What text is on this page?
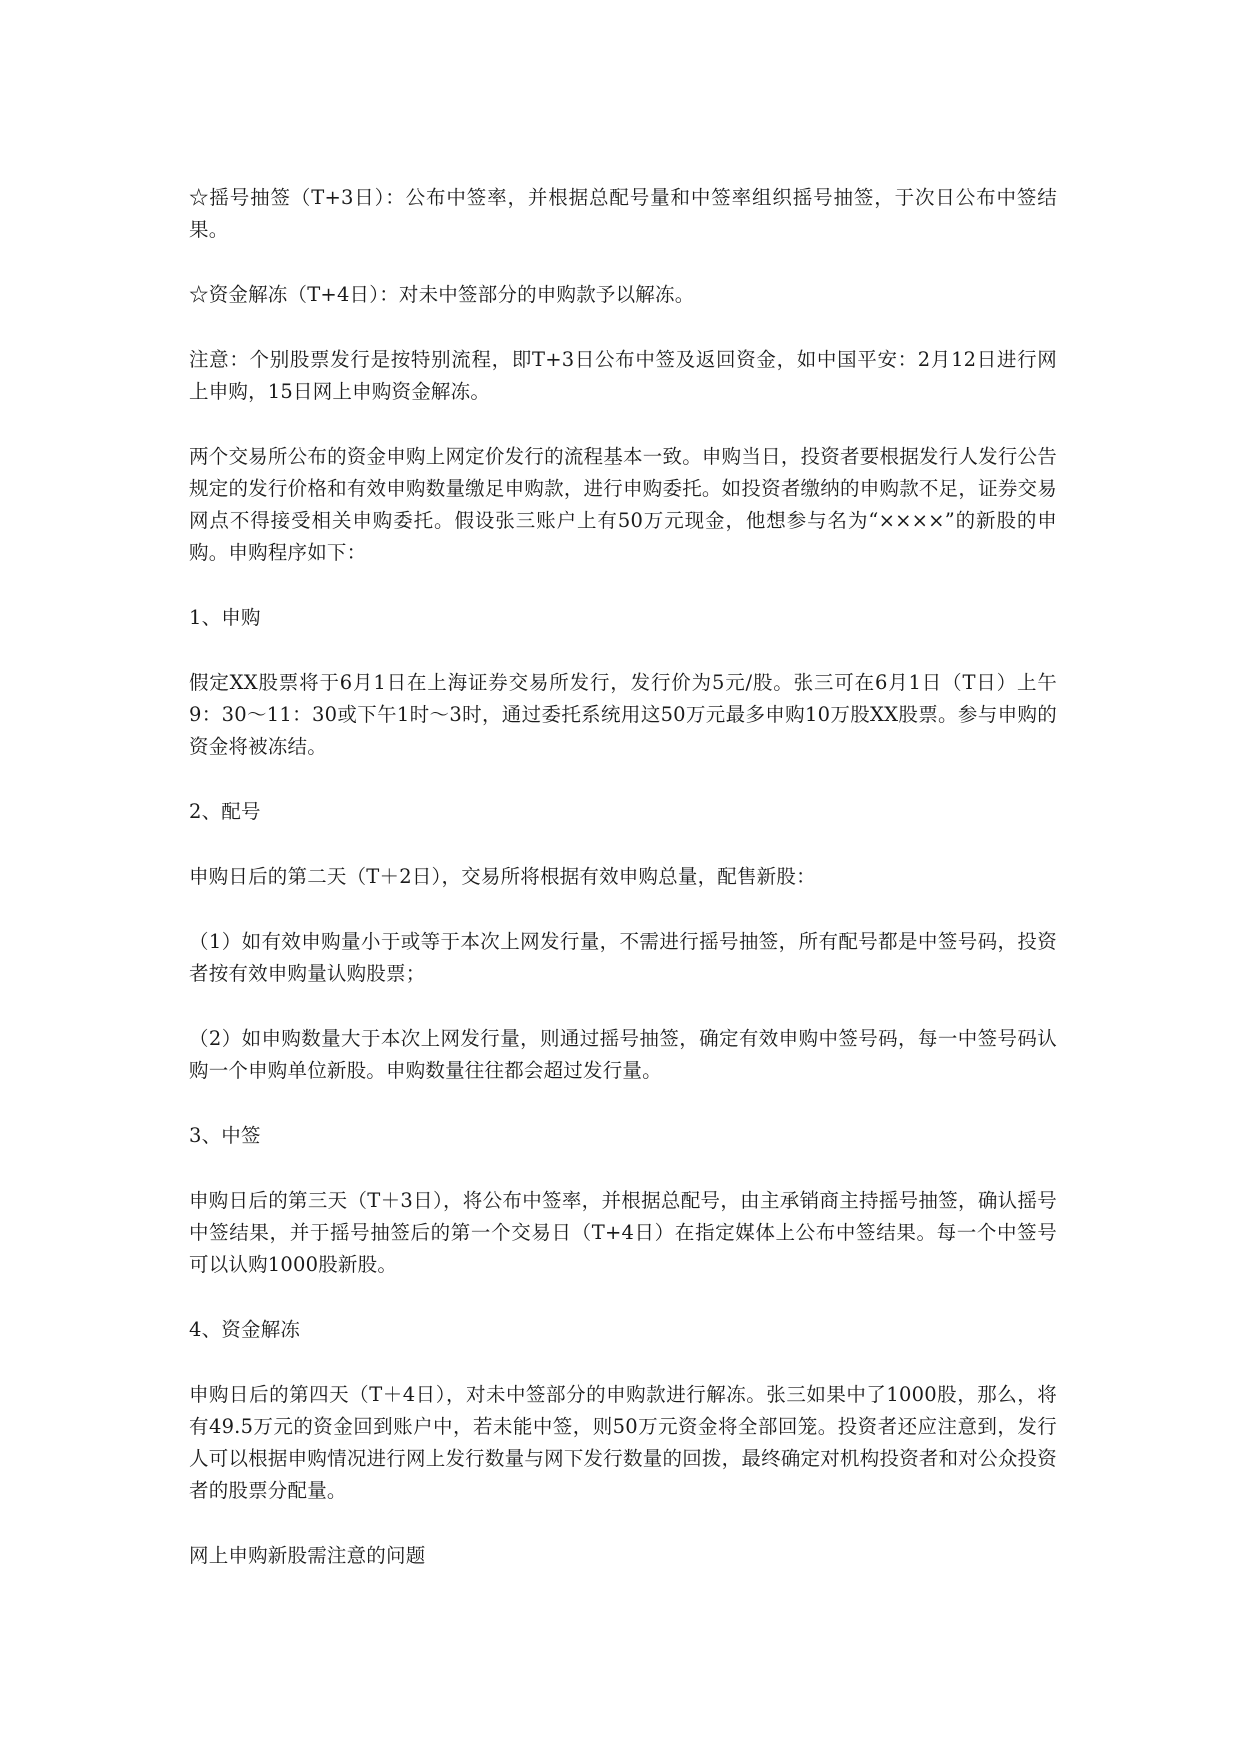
☆摇号抽签（T+3日）：公布中签率，并根据总配号量和中签率组织摇号抽签，于次日公布中签结果。

☆资金解冻（T+4日）：对未中签部分的申购款予以解冻。

注意：个别股票发行是按特别流程，即T+3日公布中签及返回资金，如中国平安：2月12日进行网上申购，15日网上申购资金解冻。

两个交易所公布的资金申购上网定价发行的流程基本一致。申购当日，投资者要根据发行人发行公告规定的发行价格和有效申购数量缴足申购款，进行申购委托。如投资者缴纳的申购款不足，证券交易网点不得接受相关申购委托。假设张三账户上有50万元现金，他想参与名为“××××”的新股的申购。申购程序如下：

1、申购

假定XX股票将于6月1日在上海证券交易所发行，发行价为5元/股。张三可在6月1日（T日）上午9：30～11：30或下午1时～3时，通过委托系统用这50万元最多申购10万股XX股票。参与申购的资金将被冻结。

2、配号

申购日后的第二天（T＋2日），交易所将根据有效申购总量，配售新股：

（1）如有效申购量小于或等于本次上网发行量，不需进行摇号抽签，所有配号都是中签号码，投资者按有效申购量认购股票；

（2）如申购数量大于本次上网发行量，则通过摇号抽签，确定有效申购中签号码，每一中签号码认购一个申购单位新股。申购数量往往都会超过发行量。

3、中签

申购日后的第三天（T＋3日），将公布中签率，并根据总配号，由主承销商主持摇号抽签，确认摇号中签结果，并于摇号抽签后的第一个交易日（T+4日）在指定媒体上公布中签结果。每一个中签号可以认购1000股新股。

4、资金解冻

申购日后的第四天（T＋4日），对未中签部分的申购款进行解冻。张三如果中了1000股，那么，将有49.5万元的资金回到账户中，若未能中签，则50万元资金将全部回笼。投资者还应注意到，发行人可以根据申购情况进行网上发行数量与网下发行数量的回拨，最终确定对机构投资者和对公众投资者的股票分配量。

网上申购新股需注意的问题
